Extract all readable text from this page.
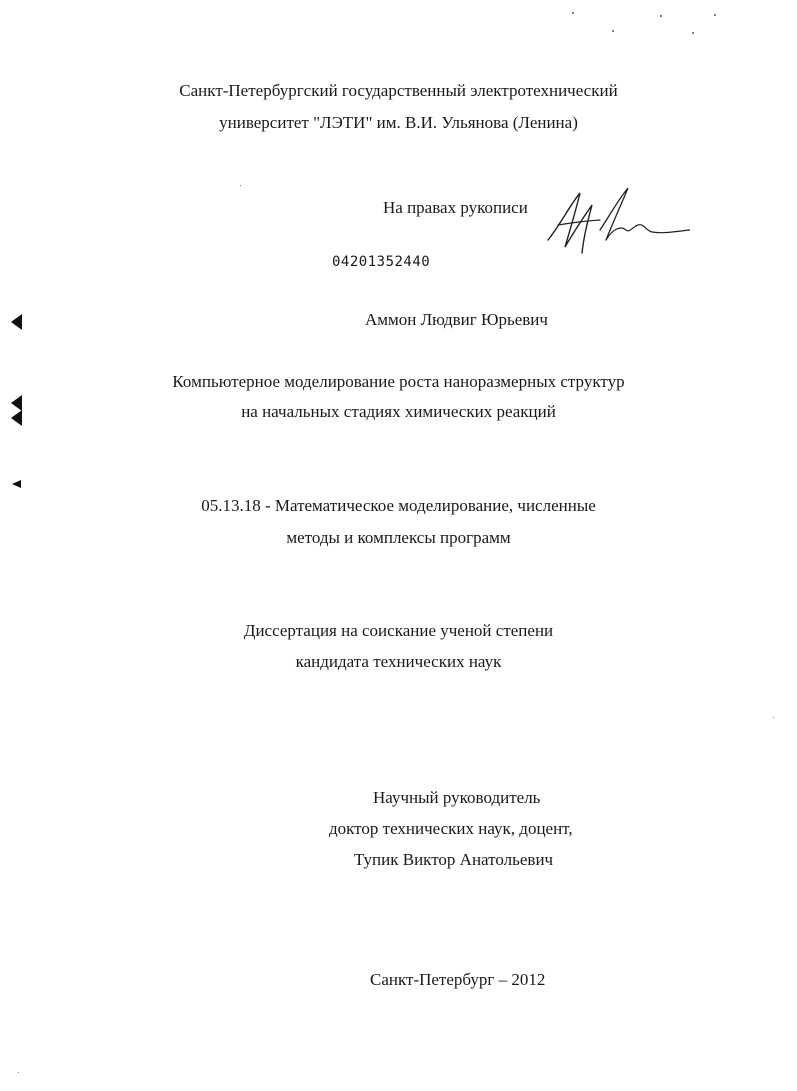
Санкт-Петербургский государственный электротехнический
университет "ЛЭТИ" им. В.И. Ульянова (Ленина)
На правах рукописи
04201352440
Аммон Людвиг Юрьевич
Компьютерное моделирование роста наноразмерных структур
на начальных стадиях химических реакций
05.13.18 - Математическое моделирование, численные
методы и комплексы программ
Диссертация на соискание ученой степени
кандидата технических наук
Научный руководитель
доктор технических наук, доцент,
Тупик Виктор Анатольевич
Санкт-Петербург – 2012
